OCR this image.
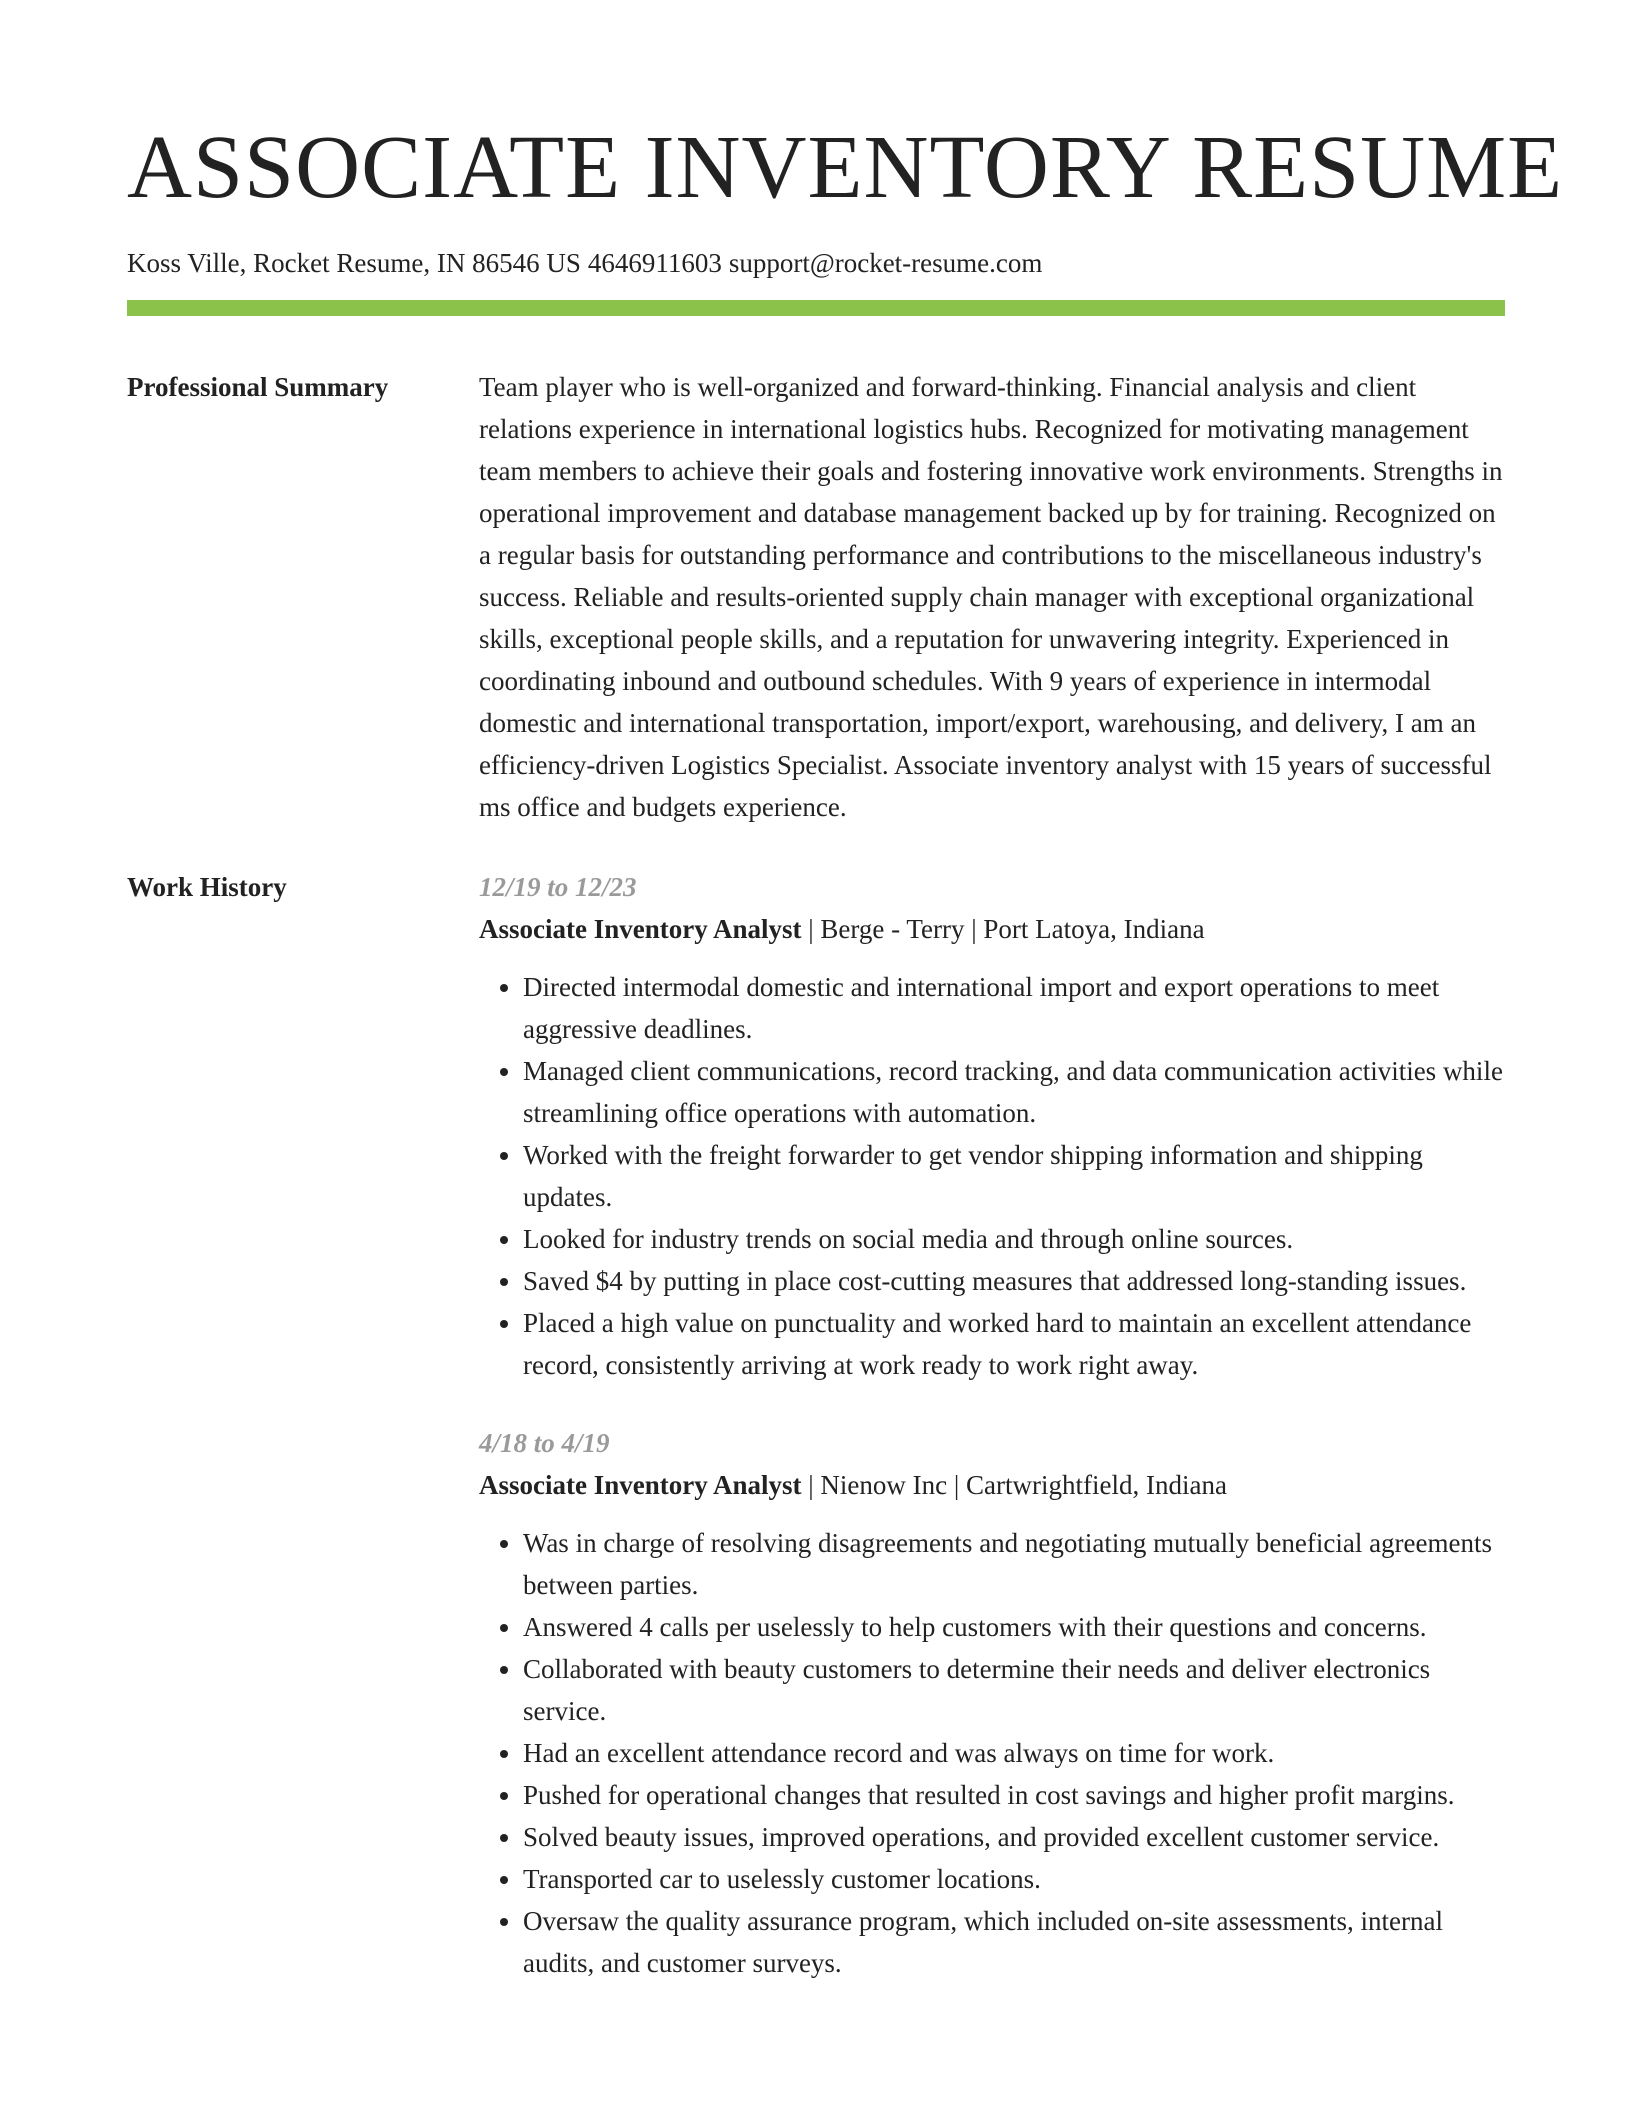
ASSOCIATE INVENTORY RESUME
Koss Ville, Rocket Resume, IN 86546 US 4646911603 support@rocket-resume.com
Professional Summary	Team player who is well-organized and forward-thinking. Financial analysis and client relations experience in international logistics hubs. Recognized for motivating management team members to achieve their goals and fostering innovative work environments. Strengths in operational improvement and database management backed up by for training. Recognized on a regular basis for outstanding performance and contributions to the miscellaneous industry's success. Reliable and results-oriented supply chain manager with exceptional organizational skills, exceptional people skills, and a reputation for unwavering integrity. Experienced in coordinating inbound and outbound schedules. With 9 years of experience in intermodal domestic and international transportation, import/export, warehousing, and delivery, I am an efficiency-driven Logistics Specialist. Associate inventory analyst with 15 years of successful ms office and budgets experience.
Work History	12/19 to 12/23
Associate Inventory Analyst | Berge - Terry | Port Latoya, Indiana
• Directed intermodal domestic and international import and export operations to meet aggressive deadlines.
• Managed client communications, record tracking, and data communication activities while streamlining office operations with automation.
• Worked with the freight forwarder to get vendor shipping information and shipping updates.
• Looked for industry trends on social media and through online sources.
• Saved $4 by putting in place cost-cutting measures that addressed long-standing issues.
• Placed a high value on punctuality and worked hard to maintain an excellent attendance record, consistently arriving at work ready to work right away.
4/18 to 4/19
Associate Inventory Analyst | Nienow Inc | Cartwrightfield, Indiana
• Was in charge of resolving disagreements and negotiating mutually beneficial agreements between parties.
• Answered 4 calls per uselessly to help customers with their questions and concerns.
• Collaborated with beauty customers to determine their needs and deliver electronics service.
• Had an excellent attendance record and was always on time for work.
• Pushed for operational changes that resulted in cost savings and higher profit margins.
• Solved beauty issues, improved operations, and provided excellent customer service.
• Transported car to uselessly customer locations.
• Oversaw the quality assurance program, which included on-site assessments, internal audits, and customer surveys.
